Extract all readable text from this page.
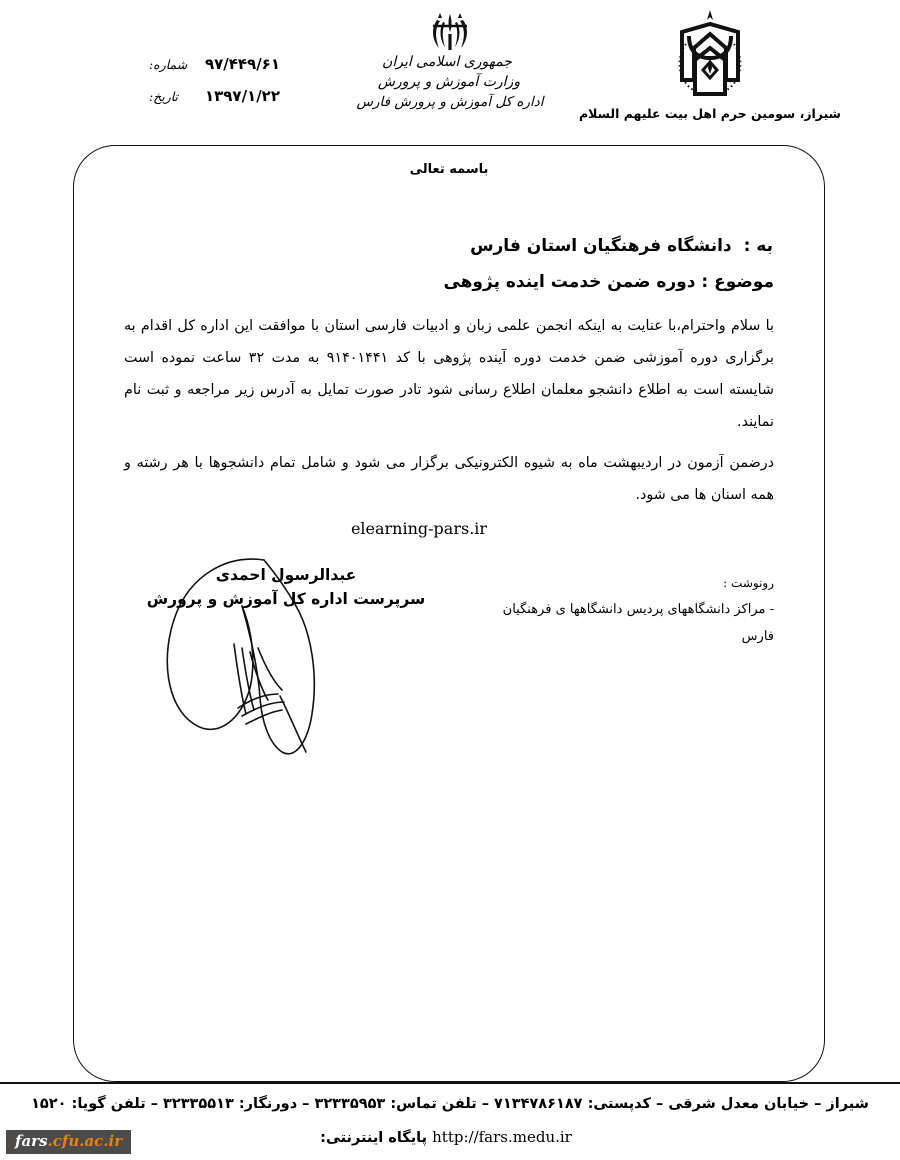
شیراز، سومین حرم اهل بیت علیهم السلام
جمهوری اسلامی ایران
وزارت آموزش و پرورش
اداره کل آموزش و پرورش فارس
۹۷/۴۴۹/۶۱
شماره:
۱۳۹۷/۱/۲۲
تاریخ:
باسمه تعالی
به : دانشگاه فرهنگیان استان فارس
موضوع : دوره ضمن خدمت اینده پژوهی

با سلام واحترام،با عنایت به اینکه انجمن علمی زبان و ادبیات فارسی استان با موافقت این اداره کل اقدام به برگزاری دوره آموزشی ضمن خدمت دوره آینده پژوهی با کد ۹۱۴۰۱۴۴۱ به مدت ۳۲ ساعت نموده است شایسته است به اطلاع دانشجو معلمان اطلاع رسانی شود تادر صورت تمایل به آدرس زیر مراجعه و ثبت نام نمایند.

درضمن آزمون در اردیبهشت ماه به شیوه الکترونیکی برگزار می شود و شامل تمام دانشجوها با هر رشته و همه اسنان ها می شود.

elearning-pars.ir
رونوشت :
- مراکز دانشگاههای پردیس دانشگاهها ی فرهنگیان فارس
عبدالرسول احمدی
سرپرست اداره کل آموزش و پرورش
شیراز – خیابان معدل شرقی – کدپستی: ۷۱۳۴۷۸۶۱۸۷ – تلفن تماس: ۳۲۳۳۵۹۵۳ – دورنگار: ۳۲۳۳۵۵۱۳ – تلفن گویا: ۱۵۲۰
http://fars.medu.ir پایگاه اینترنتی:
fars.cfu.ac.ir
